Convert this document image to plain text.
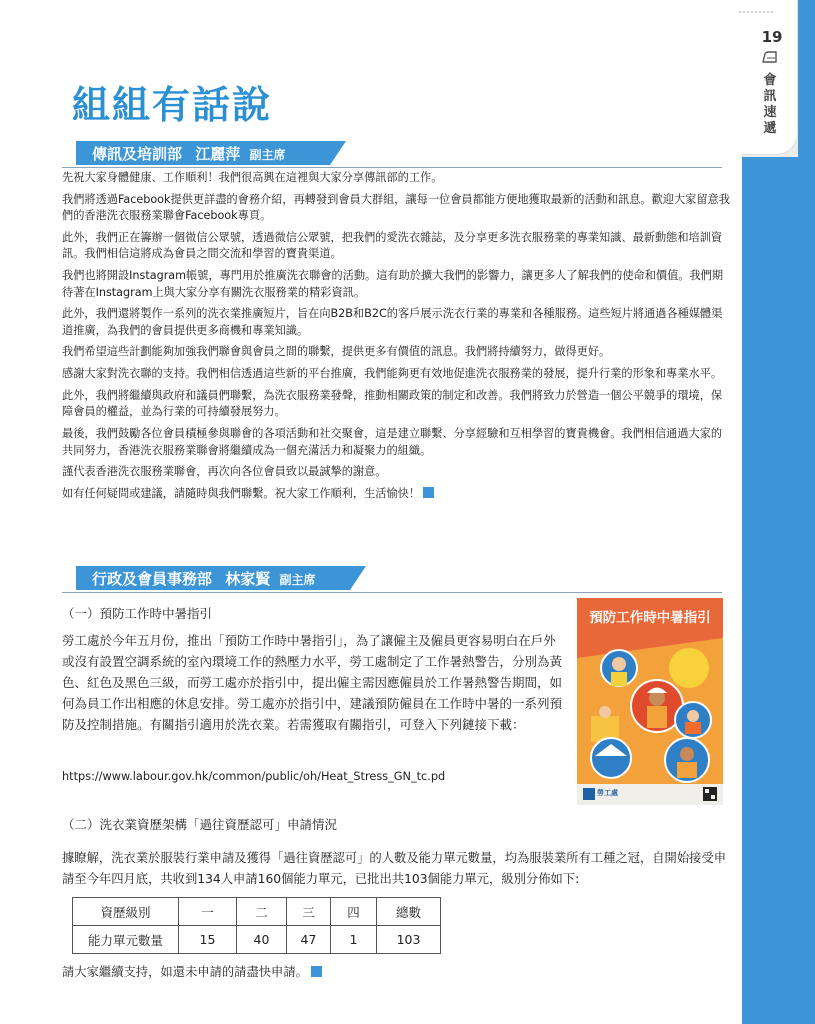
19
會
訊
速
遞
組組有話說
傳訊及培訓部 江麗萍 副主席

先祝大家身體健康、工作順利！我們很高興在這裡與大家分享傳訊部的工作。

我們將透過Facebook提供更詳盡的會務介紹，再轉發到會員大群組，讓每一位會員都能方便地獲取最新的活動和訊息。歡迎大家留意我們的香港洗衣服務業聯會Facebook專頁。

此外，我們正在籌辦一個微信公眾號，透過微信公眾號，把我們的愛洗衣雜誌，及分享更多洗衣服務業的專業知識、最新動態和培訓資訊。我們相信這將成為會員之間交流和學習的寶貴渠道。

我們也將開設Instagram帳號，專門用於推廣洗衣聯會的活動。這有助於擴大我們的影響力，讓更多人了解我們的使命和價值。我們期待著在Instagram上與大家分享有關洗衣服務業的精彩資訊。

此外，我們還將製作一系列的洗衣業推廣短片，旨在向B2B和B2C的客戶展示洗衣行業的專業和各種服務。這些短片將通過各種媒體渠道推廣，為我們的會員提供更多商機和專業知識。

我們希望這些計劃能夠加強我們聯會與會員之間的聯繫，提供更多有價值的訊息。我們將持續努力，做得更好。

感謝大家對洗衣聯的支持。我們相信透過這些新的平台推廣，我們能夠更有效地促進洗衣服務業的發展，提升行業的形象和專業水平。

此外，我們將繼續與政府和議員們聯繫，為洗衣服務業發聲，推動相關政策的制定和改善。我們將致力於營造一個公平競爭的環境，保障會員的權益，並為行業的可持續發展努力。

最後，我們鼓勵各位會員積極參與聯會的各項活動和社交聚會，這是建立聯繫、分享經驗和互相學習的寶貴機會。我們相信通過大家的共同努力，香港洗衣服務業聯會將繼續成為一個充滿活力和凝聚力的組織。

謹代表香港洗衣服務業聯會，再次向各位會員致以最誠摯的謝意。

如有任何疑問或建議，請隨時與我們聯繫。祝大家工作順利，生活愉快！

行政及會員事務部 林家賢 副主席
（一）預防工作時中暑指引
勞工處於今年五月份，推出「預防工作時中暑指引」，為了讓僱主及僱員更容易明白在戶外或沒有設置空調系統的室內環境工作的熱壓力水平，勞工處制定了工作暑熱警告，分別為黃色、紅色及黑色三級，而勞工處亦於指引中，提出僱主需因應僱員於工作暑熱警告期間，如何為員工作出相應的休息安排。勞工處亦於指引中，建議預防僱員在工作時中暑的一系列預防及控制措施。有關指引適用於洗衣業。若需獲取有關指引，可登入下列鏈接下載：
https://www.labour.gov.hk/common/public/oh/Heat_Stress_GN_tc.pd
預防工作時中暑指引
勞工處
（二）洗衣業資歷架構「過往資歷認可」申請情況
據瞭解，洗衣業於服裝行業申請及獲得「過往資歷認可」的人數及能力單元數量，均為服裝業所有工種之冠，自開始接受申請至今年四月底，共收到134人申請160個能力單元，已批出共103個能力單元，級別分佈如下:
資歷級別	一	二	三	四	總數
能力單元數量	15	40	47	1	103
請大家繼續支持，如還未申請的請盡快申請。
